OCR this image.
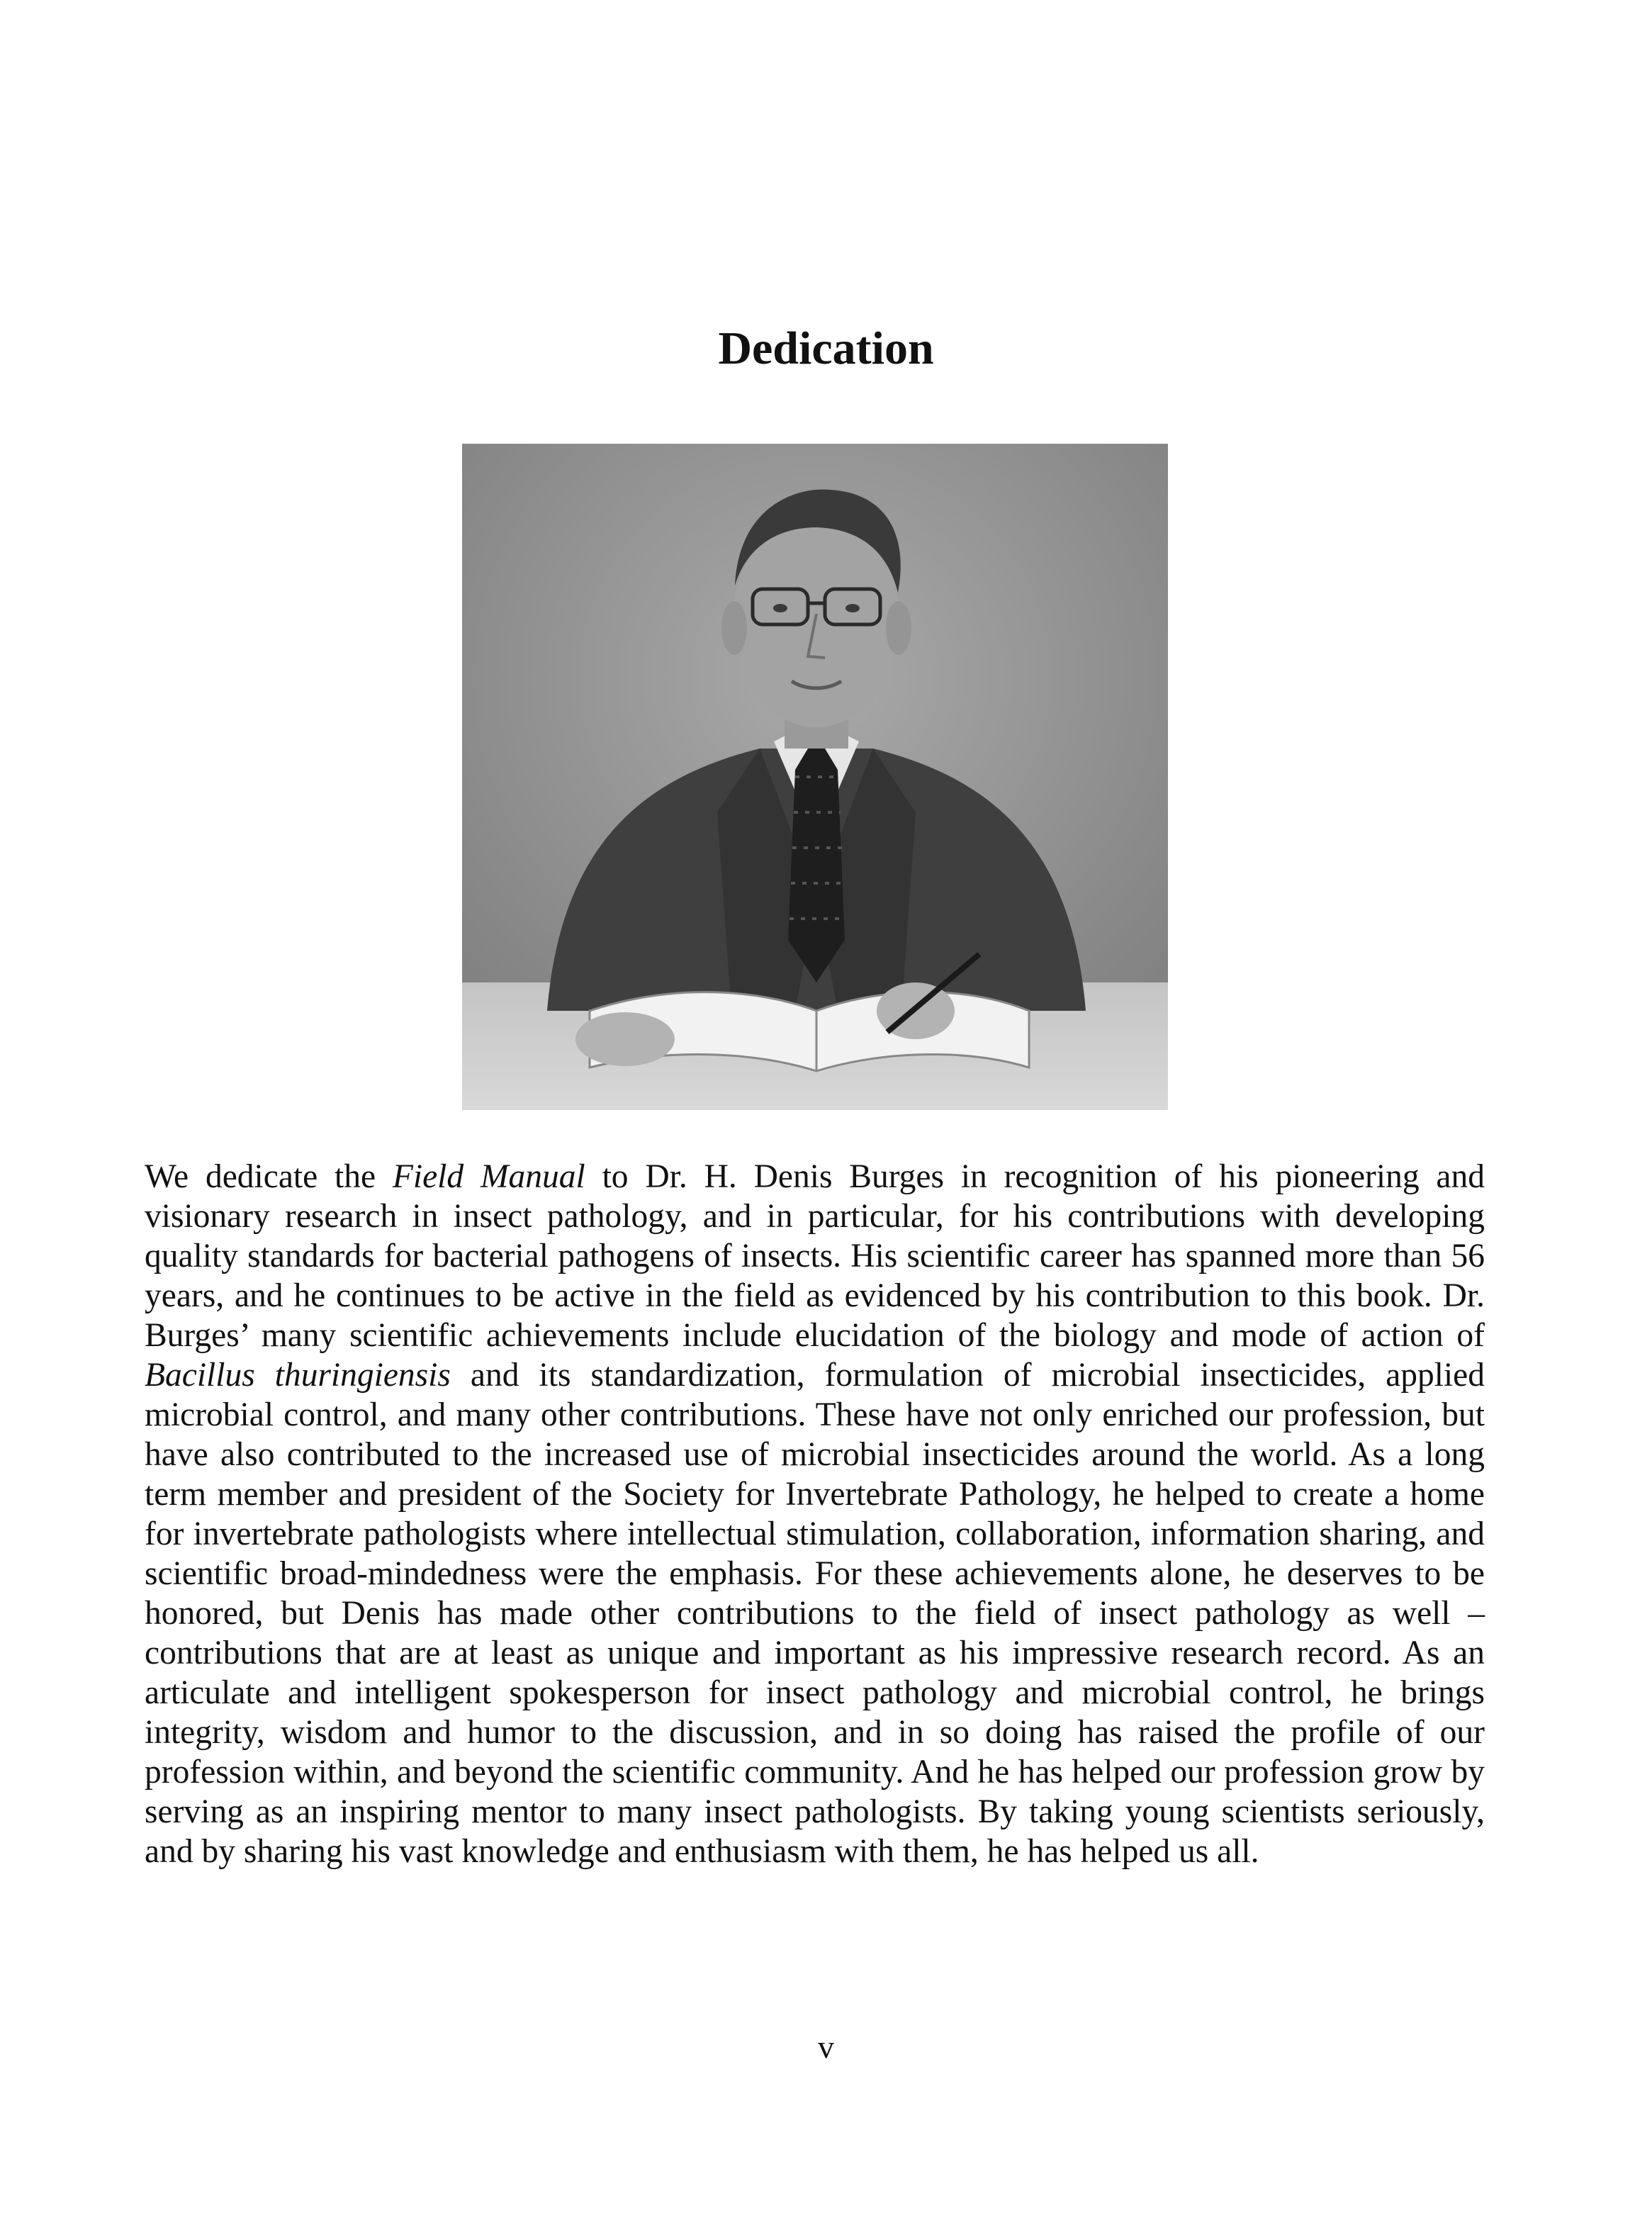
Dedication

We dedicate the Field Manual to Dr. H. Denis Burges in recognition of his pioneering and visionary research in insect pathology, and in particular, for his contributions with developing quality standards for bacterial pathogens of insects. His scientific career has spanned more than 56 years, and he continues to be active in the field as evidenced by his contribution to this book. Dr. Burges’ many scientific achievements include elucidation of the biology and mode of action of Bacillus thuringiensis and its standardization, formulation of microbial insecticides, applied microbial control, and many other contributions. These have not only enriched our profession, but have also contributed to the increased use of microbial insecticides around the world. As a long term member and president of the Society for Invertebrate Pathology, he helped to create a home for invertebrate pathologists where intellectual stimulation, collaboration, information sharing, and scientific broad-mindedness were the emphasis. For these achievements alone, he deserves to be honored, but Denis has made other contributions to the field of insect pathology as well – contributions that are at least as unique and important as his impressive research record. As an articulate and intelligent spokesperson for insect pathology and microbial control, he brings integrity, wisdom and humor to the discussion, and in so doing has raised the profile of our profession within, and beyond the scientific community. And he has helped our profession grow by serving as an inspiring mentor to many insect pathologists. By taking young scientists seriously, and by sharing his vast knowledge and enthusiasm with them, he has helped us all.

v
